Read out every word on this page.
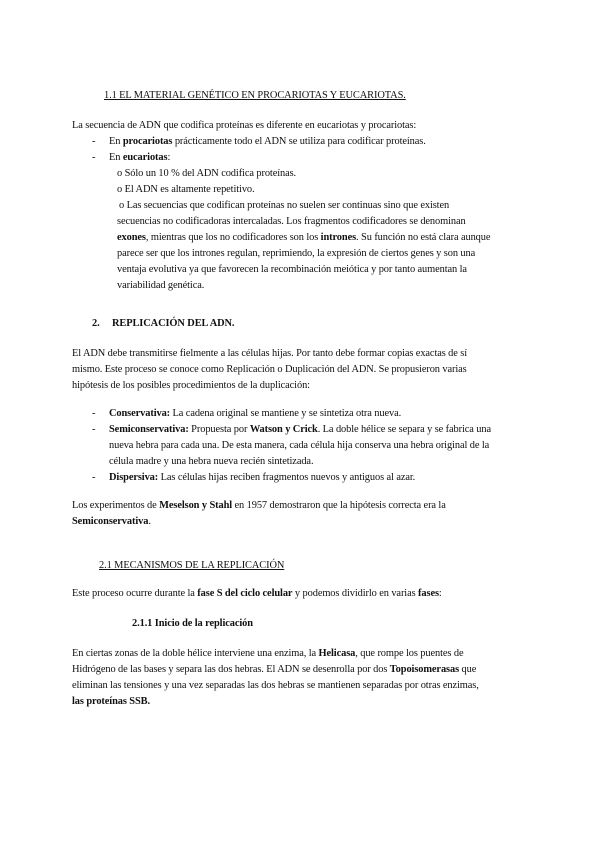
1.1 EL MATERIAL GENÉTICO EN PROCARIOTAS Y EUCARIOTAS.
La secuencia de ADN que codifica proteínas es diferente en eucariotas y procariotas:
-	En procariotas prácticamente todo el ADN se utiliza para codificar proteínas.
-	En eucariotas:
o Sólo un 10 % del ADN codifica proteínas.
o El ADN es altamente repetitivo.
o Las secuencias que codifican proteínas no suelen ser continuas sino que existen
secuencias no codificadoras intercaladas. Los fragmentos codificadores se denominan
exones, mientras que los no codificadores son los intrones. Su función no está clara aunque
parece ser que los intrones regulan, reprimiendo, la expresión de ciertos genes y son una
ventaja evolutiva ya que favorecen la recombinación meiótica y por tanto aumentan la
variabilidad genética.
2. REPLICACIÓN DEL ADN.
El ADN debe transmitirse fielmente a las células hijas. Por tanto debe formar copias exactas de sí
mismo. Este proceso se conoce como Replicación o Duplicación del ADN. Se propusieron varias
hipótesis de los posibles procedimientos de la duplicación:
-	Conservativa: La cadena original se mantiene y se sintetiza otra nueva.
-	Semiconservativa: Propuesta por Watson y Crick. La doble hélice se separa y se fabrica una
nueva hebra para cada una. De esta manera, cada célula hija conserva una hebra original de la
célula madre y una hebra nueva recién sintetizada.
-	Dispersiva: Las células hijas reciben fragmentos nuevos y antiguos al azar.
Los experimentos de Meselson y Stahl en 1957 demostraron que la hipótesis correcta era la
Semiconservativa.
2.1 MECANISMOS DE LA REPLICACIÓN
Este proceso ocurre durante la fase S del ciclo celular y podemos dividirlo en varias fases:
2.1.1 Inicio de la replicación
En ciertas zonas de la doble hélice interviene una enzima, la Helicasa, que rompe los puentes de
Hidrógeno de las bases y separa las dos hebras. El ADN se desenrolla por dos Topoisomerasas que
eliminan las tensiones y una vez separadas las dos hebras se mantienen separadas por otras enzimas,
las proteínas SSB.
